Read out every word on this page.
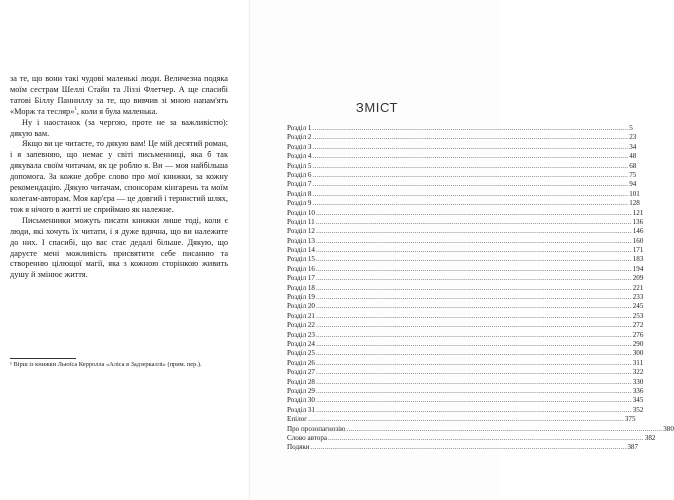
за те, що вони такі чудові маленькі люди. Величезна подяка моїм сестрам Шеллі Стайн та Ліззі Флетчер. А ще спасибі татові Біллу Панниллу за те, що вивчив зі мною напам'ять «Морж та тесляр»$^1$, коли я була маленька.

Ну і наостанок (за чергою, проте не за важливістю): дякую вам.

Якщо ви це читаєте, то дякую вам! Це мій десятий роман, і я запевняю, що немає у світі письменниці, яка б так дякувала своїм читачам, як це роблю я. Ви — моя найбільша допомога. За кожне добре слово про мої книжки, за кожну рекомендацію. Дякую читачам, спонсорам кінгарень та моїм колегам-авторам. Моя кар'єра — це довгий і тернистий шлях, тож я нічого в житті не сприймаю як належне.

Письменники можуть писати книжки лише тоді, коли є люди, які хочуть їх читати, і я дуже вдячна, що ви належите до них. І спасибі, що вас стає дедалі більше. Дякую, що даруєте мені можливість присвятити себе писанню та створенню цілющої магії, яка з кожною сторінкою живить душу й змінює життя.

¹ Вірш із книжки Льюїса Керролла «Аліса в Задзеркаллі» (прим. пер.).
ЗМІСТ
Розділ 1 ................................................................................................................................................................ 5
Розділ 2 ................................................................................................................................................................ 23
Розділ 3 ................................................................................................................................................................ 34
Розділ 4 ................................................................................................................................................................ 48
Розділ 5 ................................................................................................................................................................ 68
Розділ 6 ................................................................................................................................................................ 75
Розділ 7 ................................................................................................................................................................ 94
Розділ 8 ................................................................................................................................................................ 101
Розділ 9 ................................................................................................................................................................ 128
Розділ 10 ................................................................................................................................................................ 121
Розділ 11 ................................................................................................................................................................ 136
Розділ 12 ................................................................................................................................................................ 146
Розділ 13 ................................................................................................................................................................ 160
Розділ 14 ................................................................................................................................................................ 171
Розділ 15 ................................................................................................................................................................ 183
Розділ 16 ................................................................................................................................................................ 194
Розділ 17 ................................................................................................................................................................ 209
Розділ 18 ................................................................................................................................................................ 221
Розділ 19 ................................................................................................................................................................ 233
Розділ 20 ................................................................................................................................................................ 245
Розділ 21 ................................................................................................................................................................ 253
Розділ 22 ................................................................................................................................................................ 272
Розділ 23 ................................................................................................................................................................ 276
Розділ 24 ................................................................................................................................................................ 290
Розділ 25 ................................................................................................................................................................ 300
Розділ 26 ................................................................................................................................................................ 311
Розділ 27 ................................................................................................................................................................ 322
Розділ 28 ................................................................................................................................................................ 330
Розділ 29 ................................................................................................................................................................ 336
Розділ 30 ................................................................................................................................................................ 345
Розділ 31 ................................................................................................................................................................ 352
Епілог ................................................................................................................................................................ 375
Про прозопагнозію ................................................................................................................................................................ 380
Слово автора ................................................................................................................................................................ 382
Подяки ................................................................................................................................................................ 387
